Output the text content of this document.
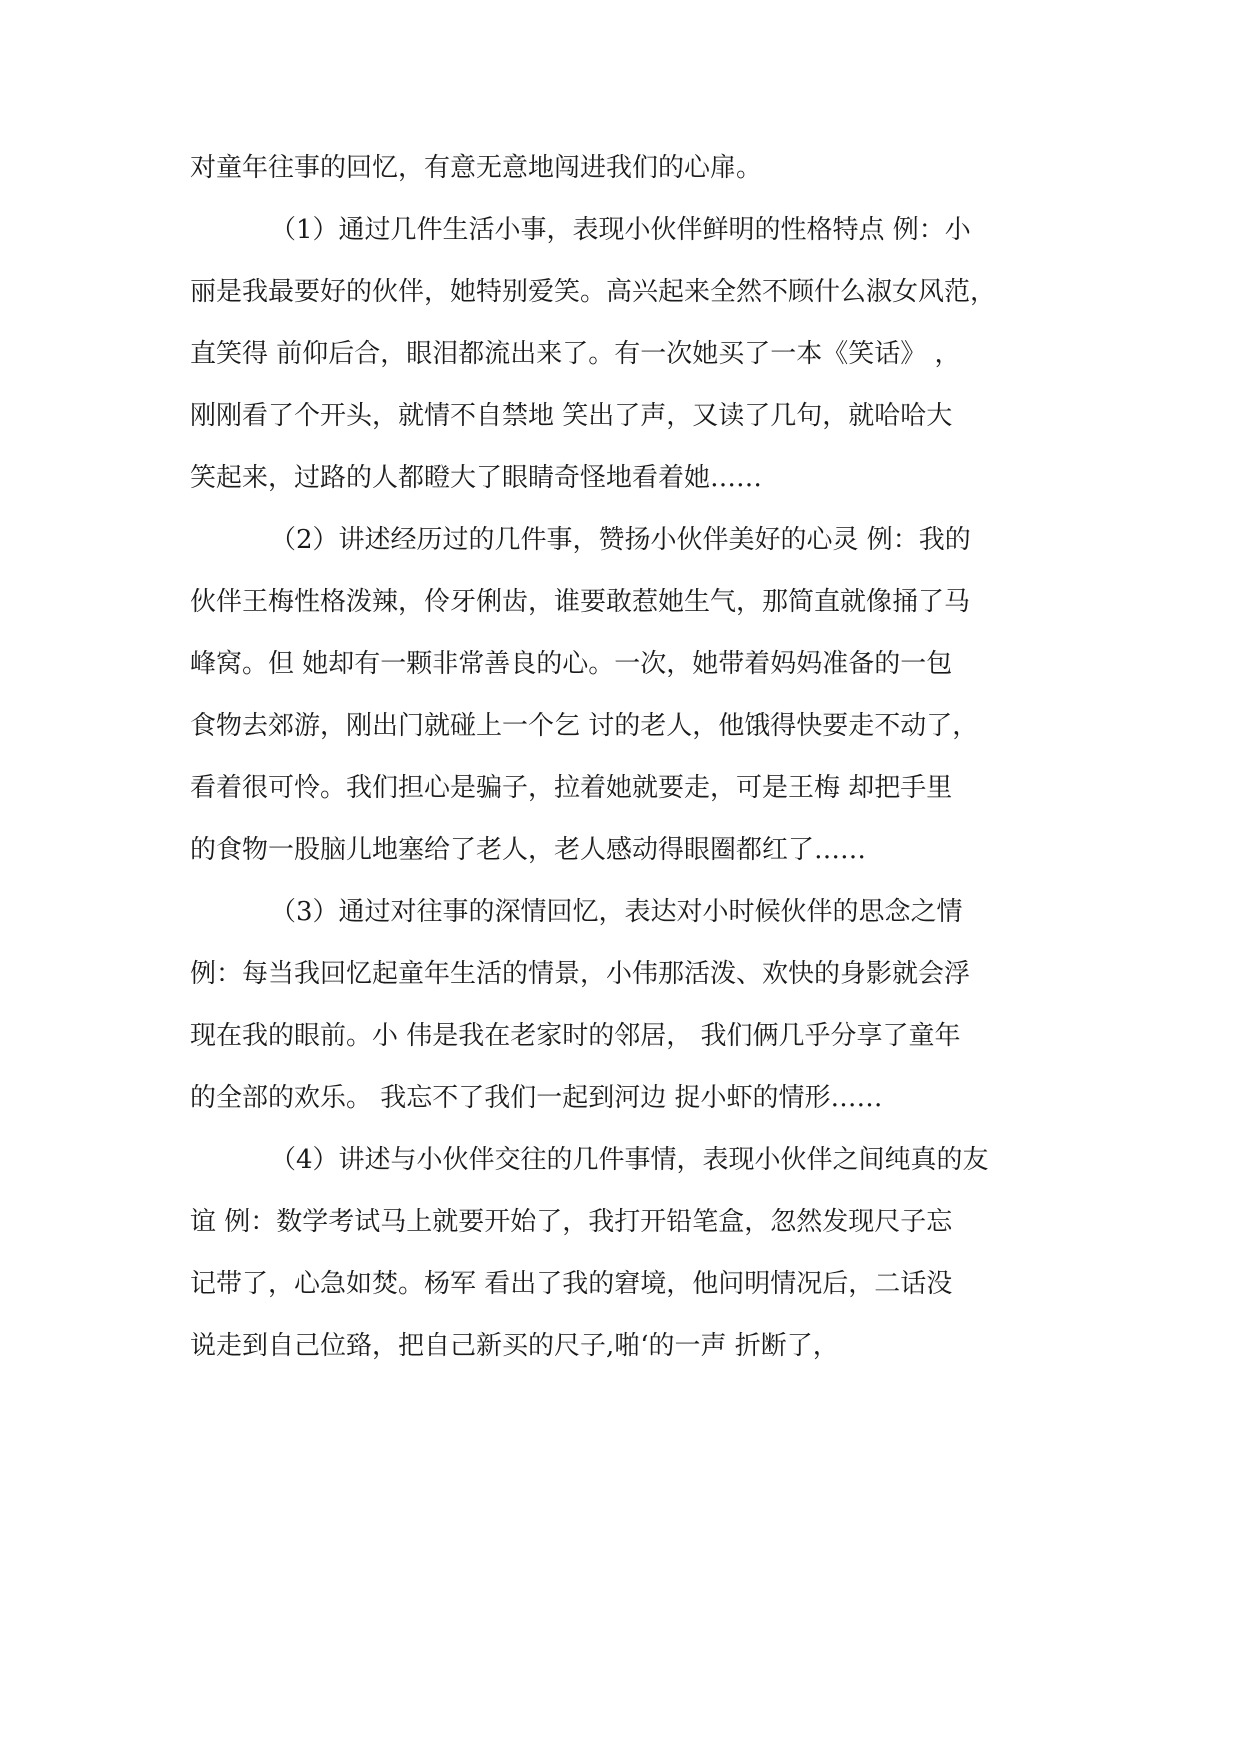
对童年往事的回忆，有意无意地闯进我们的心扉。
（1）通过几件生活小事，表现小伙伴鲜明的性格特点 例：小
丽是我最要好的伙伴，她特别爱笑。高兴起来全然不顾什么淑女风范，
直笑得 前仰后合，眼泪都流出来了。有一次她买了一本《笑话》 ，
刚刚看了个开头，就情不自禁地 笑出了声，又读了几句，就哈哈大
笑起来，过路的人都瞪大了眼睛奇怪地看着她……
（2）讲述经历过的几件事，赞扬小伙伴美好的心灵 例：我的
伙伴王梅性格泼辣，伶牙俐齿，谁要敢惹她生气，那简直就像捅了马
峰窝。但 她却有一颗非常善良的心。一次，她带着妈妈准备的一包
食物去郊游，刚出门就碰上一个乞 讨的老人，他饿得快要走不动了，
看着很可怜。我们担心是骗子，拉着她就要走，可是王梅 却把手里
的食物一股脑儿地塞给了老人，老人感动得眼圈都红了……
（3）通过对往事的深情回忆，表达对小时候伙伴的思念之情
例：每当我回忆起童年生活的情景，小伟那活泼、欢快的身影就会浮
现在我的眼前。小 伟是我在老家时的邻居， 我们俩几乎分享了童年
的全部的欢乐。 我忘不了我们一起到河边 捉小虾的情形……
（4）讲述与小伙伴交往的几件事情，表现小伙伴之间纯真的友
谊 例：数学考试马上就要开始了，我打开铅笔盒，忽然发现尺子忘
记带了，心急如焚。杨军 看出了我的窘境，他问明情况后，二话没
说走到自己位臵，把自己新买的尺子,啪‘的一声 折断了，
